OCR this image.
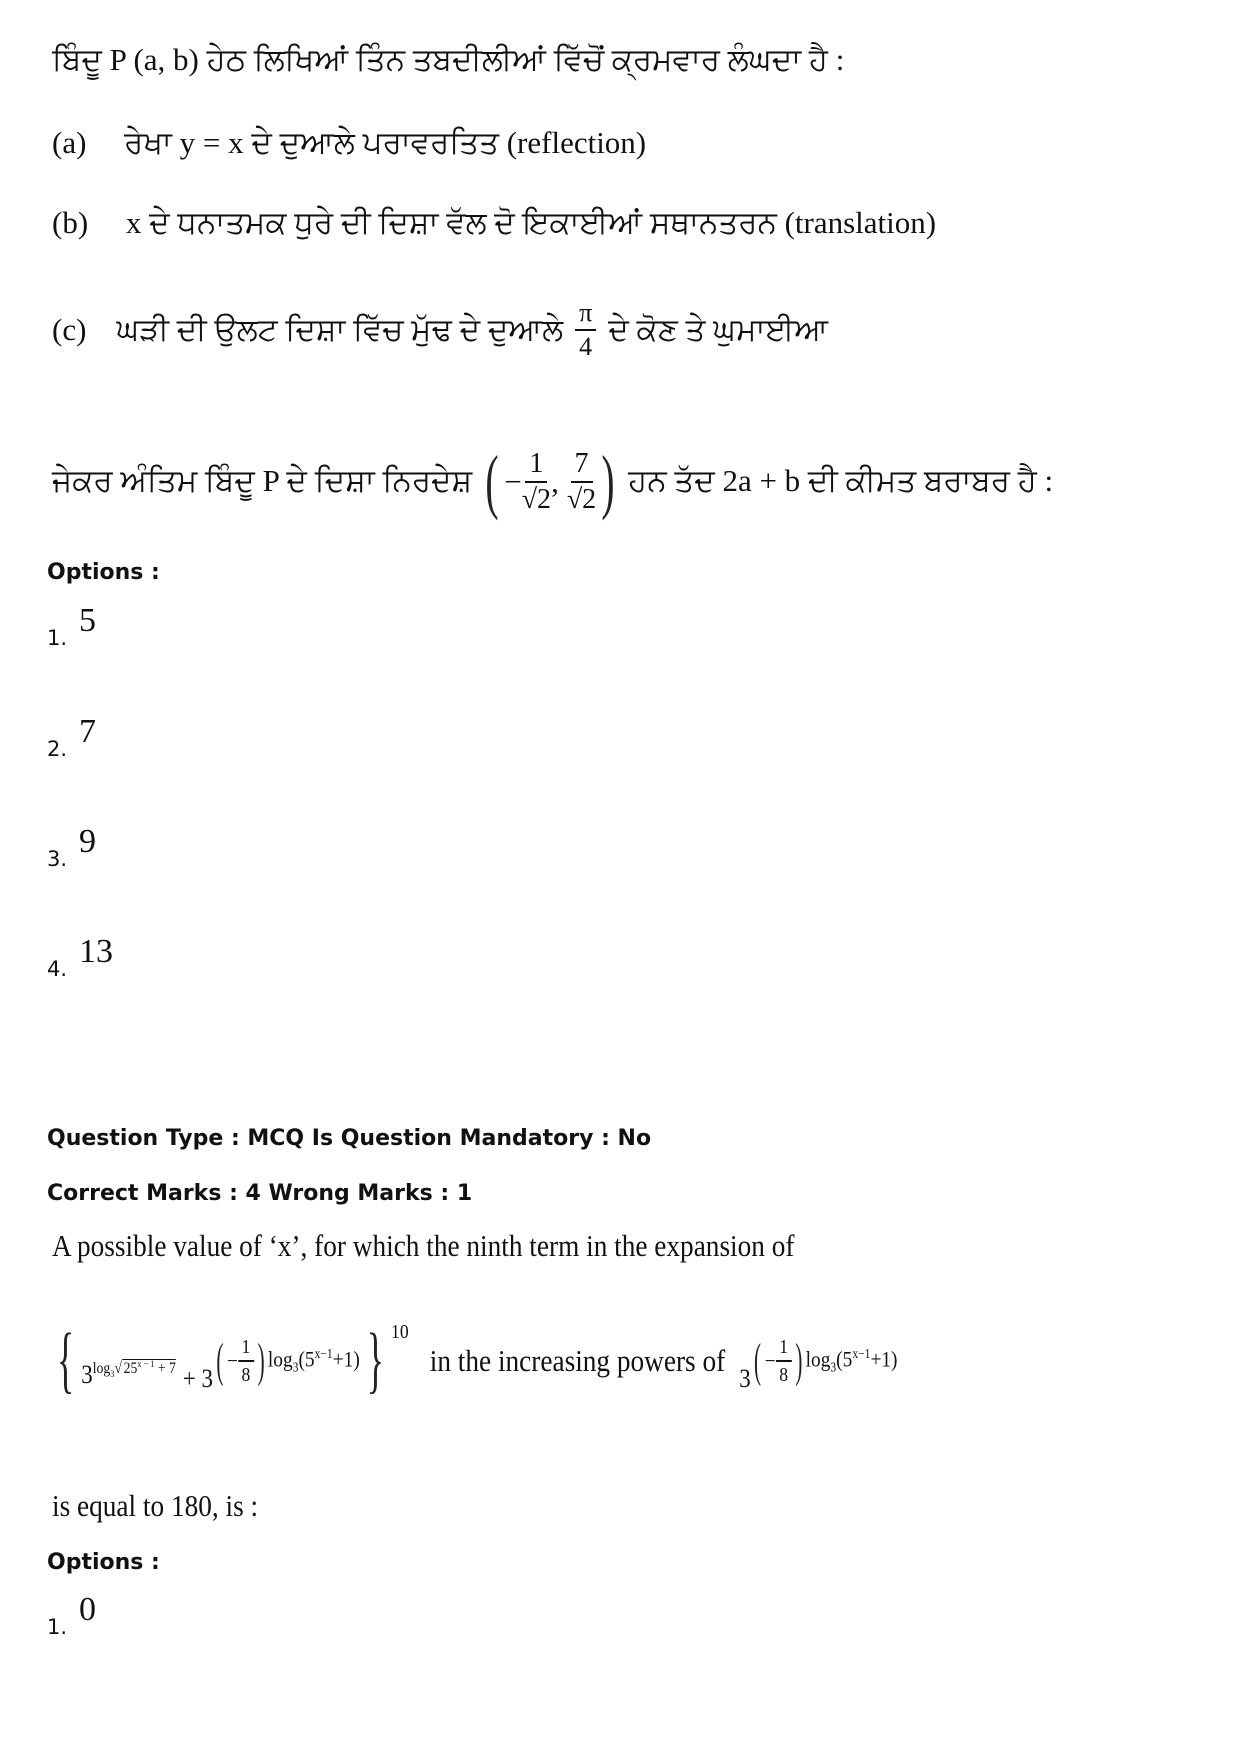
ਬਿੰਦੂ P (a, b) ਹੇਠ ਲਿਖਿਆਂ ਤਿੰਨ ਤਬਦੀਲੀਆਂ ਵਿੱਚੋਂ ਕ੍ਰਮਵਾਰ ਲੰਘਦਾ ਹੈ :
(a) ਰੇਖਾ y = x ਦੇ ਦੁਆਲੇ ਪਰਾਵਰਤਿਤ (reflection)
(b) x ਦੇ ਧਨਾਤਮਕ ਧੁਰੇ ਦੀ ਦਿਸ਼ਾ ਵੱਲ ਦੋ ਇਕਾਈਆਂ ਸਥਾਨਤਰਨ (translation)
(c) ਘੜੀ ਦੀ ਉਲਟ ਦਿਸ਼ਾ ਵਿੱਚ ਮੁੱਢ ਦੇ ਦੁਆਲੇ $\frac{\pi}{4}$ ਦੇ ਕੋਣ ਤੇ ਘੁਮਾਈਆ
ਜੇਕਰ ਅੰਤਿਮ ਬਿੰਦੂ P ਦੇ ਦਿਸ਼ਾ ਨਿਰਦੇਸ਼ ( − $\frac{1}{√2}$ , $\frac{7}{√2}$ ) ਹਨ ਤੱਦ 2a + b ਦੀ ਕੀਮਤ ਬਰਾਬਰ ਹੈ :
Options :
1. 5
2. 7
3. 9
4. 13
Question Type : MCQ Is Question Mandatory : No
Correct Marks : 4 Wrong Marks : 1
A possible value of ‘x’, for which the ninth term in the expansion of
{ $3^{log_3√ 25^{x - 1} + 7} + 3$ ( − $\frac{1}{8}$ ) $\log_3(5^{x-1}+1)$ } 10
in the increasing powers of
3 ( − $\frac{1}{8}$ ) $\log_3(5^{x-1}+1)$
is equal to 180, is :
Options :
1. 0
